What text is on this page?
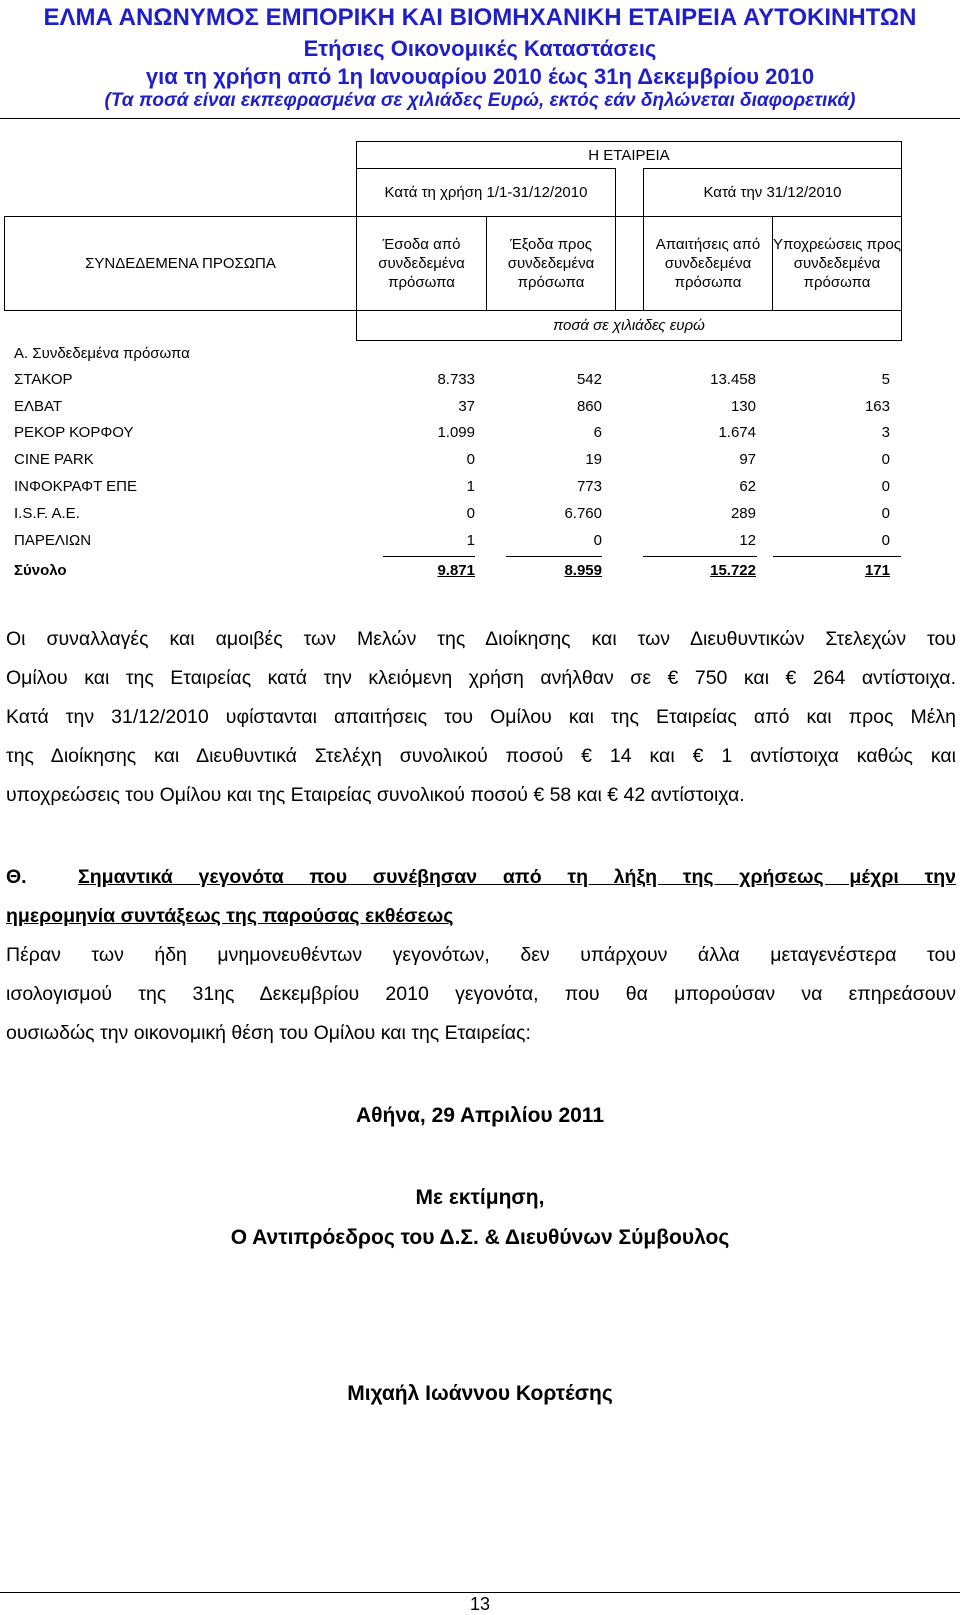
ΕΛΜΑ ΑΝΩΝΥΜΟΣ ΕΜΠΟΡΙΚΗ ΚΑΙ ΒΙΟΜΗΧΑΝΙΚΗ ΕΤΑΙΡΕΙΑ ΑΥΤΟΚΙΝΗΤΩΝ
Ετήσιες Οικονομικές Καταστάσεις
για τη χρήση από 1η Ιανουαρίου 2010 έως 31η Δεκεμβρίου 2010
(Τα ποσά είναι εκπεφρασμένα σε χιλιάδες Ευρώ, εκτός εάν δηλώνεται διαφορετικά)
Η ΕΤΑΙΡΕΙΑ
Κατά τη χρήση 1/1-31/12/2010	Κατά την 31/12/2010
ΣΥΝΔΕΔΕΜΕΝΑ ΠΡΟΣΩΠΑ
Έσοδα από συνδεδεμένα πρόσωπα
Έξοδα προς συνδεδεμένα πρόσωπα
Απαιτήσεις από συνδεδεμένα πρόσωπα
Υποχρεώσεις προς συνδεδεμένα πρόσωπα
ποσά σε χιλιάδες ευρώ
Α. Συνδεδεμένα πρόσωπα
ΣΤΑΚΟΡ	8.733	542	13.458	5
ΕΛΒΑΤ	37	860	130	163
ΡΕΚΟΡ ΚΟΡΦΟΥ	1.099	6	1.674	3
CINE PARK	0	19	97	0
ΙΝΦΟΚΡΑΦΤ ΕΠΕ	1	773	62	0
I.S.F. A.E.	0	6.760	289	0
ΠΑΡΕΛΙΩΝ	1	0	12	0
Σύνολο	9.871	8.959	15.722	171
Οι συναλλαγές και αμοιβές των Μελών της Διοίκησης και των Διευθυντικών Στελεχών του
Ομίλου και της Εταιρείας κατά την κλειόμενη χρήση ανήλθαν σε € 750 και € 264 αντίστοιχα.
Κατά την 31/12/2010 υφίστανται απαιτήσεις του Ομίλου και της Εταιρείας από και προς Μέλη
της Διοίκησης και Διευθυντικά Στελέχη συνολικού ποσού € 14 και € 1 αντίστοιχα καθώς και
υποχρεώσεις του Ομίλου και της Εταιρείας συνολικού ποσού € 58 και € 42 αντίστοιχα.
Θ.	Σημαντικά γεγονότα που συνέβησαν από τη λήξη της χρήσεως μέχρι την
ημερομηνία συντάξεως της παρούσας εκθέσεως
Πέραν των ήδη μνημονευθέντων γεγονότων, δεν υπάρχουν άλλα μεταγενέστερα του
ισολογισμού της 31ης Δεκεμβρίου 2010 γεγονότα, που θα μπορούσαν να επηρεάσουν
ουσιωδώς την οικονομική θέση του Ομίλου και της Εταιρείας:
Αθήνα, 29 Απριλίου 2011
Με εκτίμηση,
Ο Αντιπρόεδρος του Δ.Σ. & Διευθύνων Σύμβουλος
Μιχαήλ Ιωάννου Κορτέσης
13
